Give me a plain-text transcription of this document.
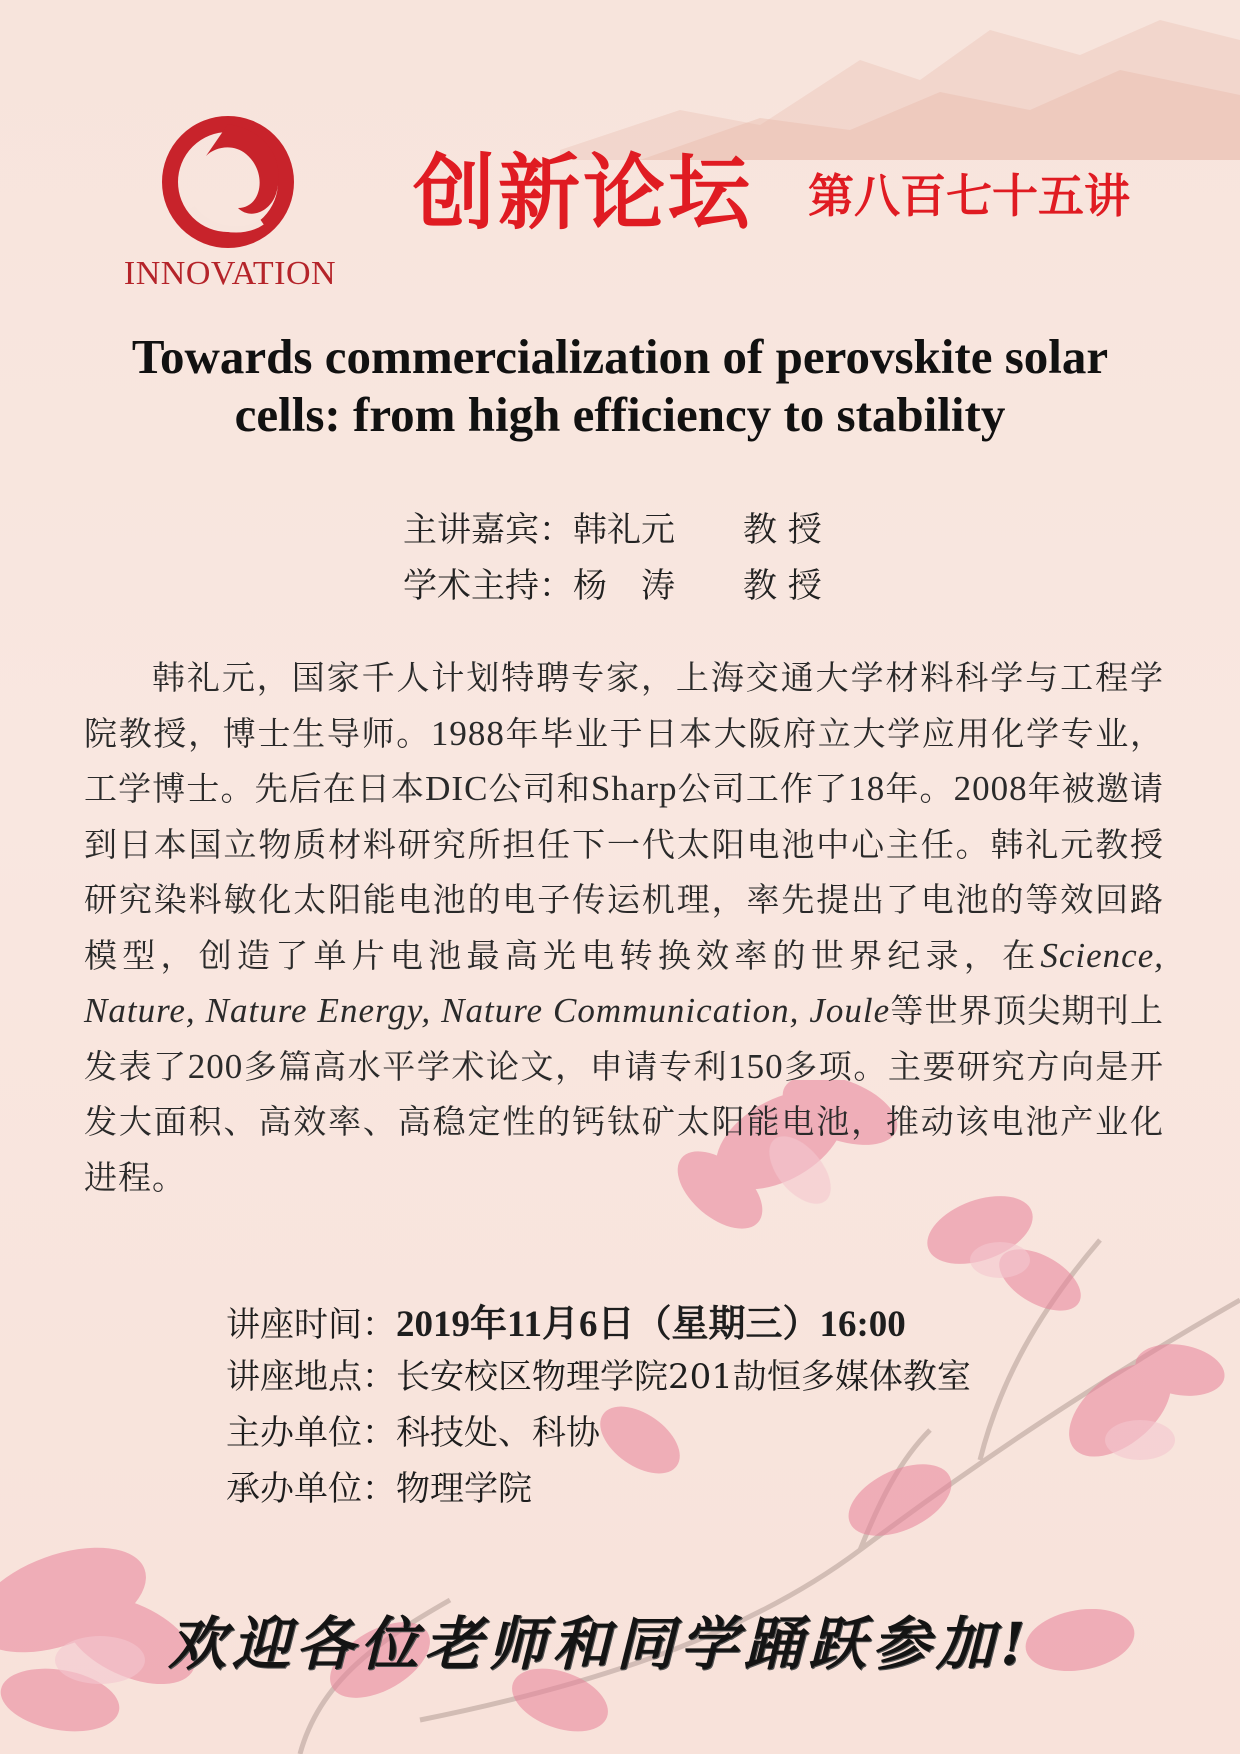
INNOVATION
创新论坛 第八百七十五讲
Towards commercialization of perovskite solar
cells: from high efficiency to stability
主讲嘉宾：韩礼元 教 授
学术主持：杨　涛 教 授
韩礼元，国家千人计划特聘专家，上海交通大学材料科学与工程学院教授，博士生导师。1988年毕业于日本大阪府立大学应用化学专业，工学博士。先后在日本DIC公司和Sharp公司工作了18年。2008年被邀请到日本国立物质材料研究所担任下一代太阳电池中心主任。韩礼元教授研究染料敏化太阳能电池的电子传运机理，率先提出了电池的等效回路模型，创造了单片电池最高光电转换效率的世界纪录，在Science, Nature, Nature Energy, Nature Communication, Joule等世界顶尖期刊上发表了200多篇高水平学术论文，申请专利150多项。主要研究方向是开发大面积、高效率、高稳定性的钙钛矿太阳能电池，推动该电池产业化进程。
讲座时间：2019年11月6日（星期三）16:00
讲座地点：长安校区物理学院201劼恒多媒体教室
主办单位：科技处、科协
承办单位：物理学院
欢迎各位老师和同学踊跃参加!
